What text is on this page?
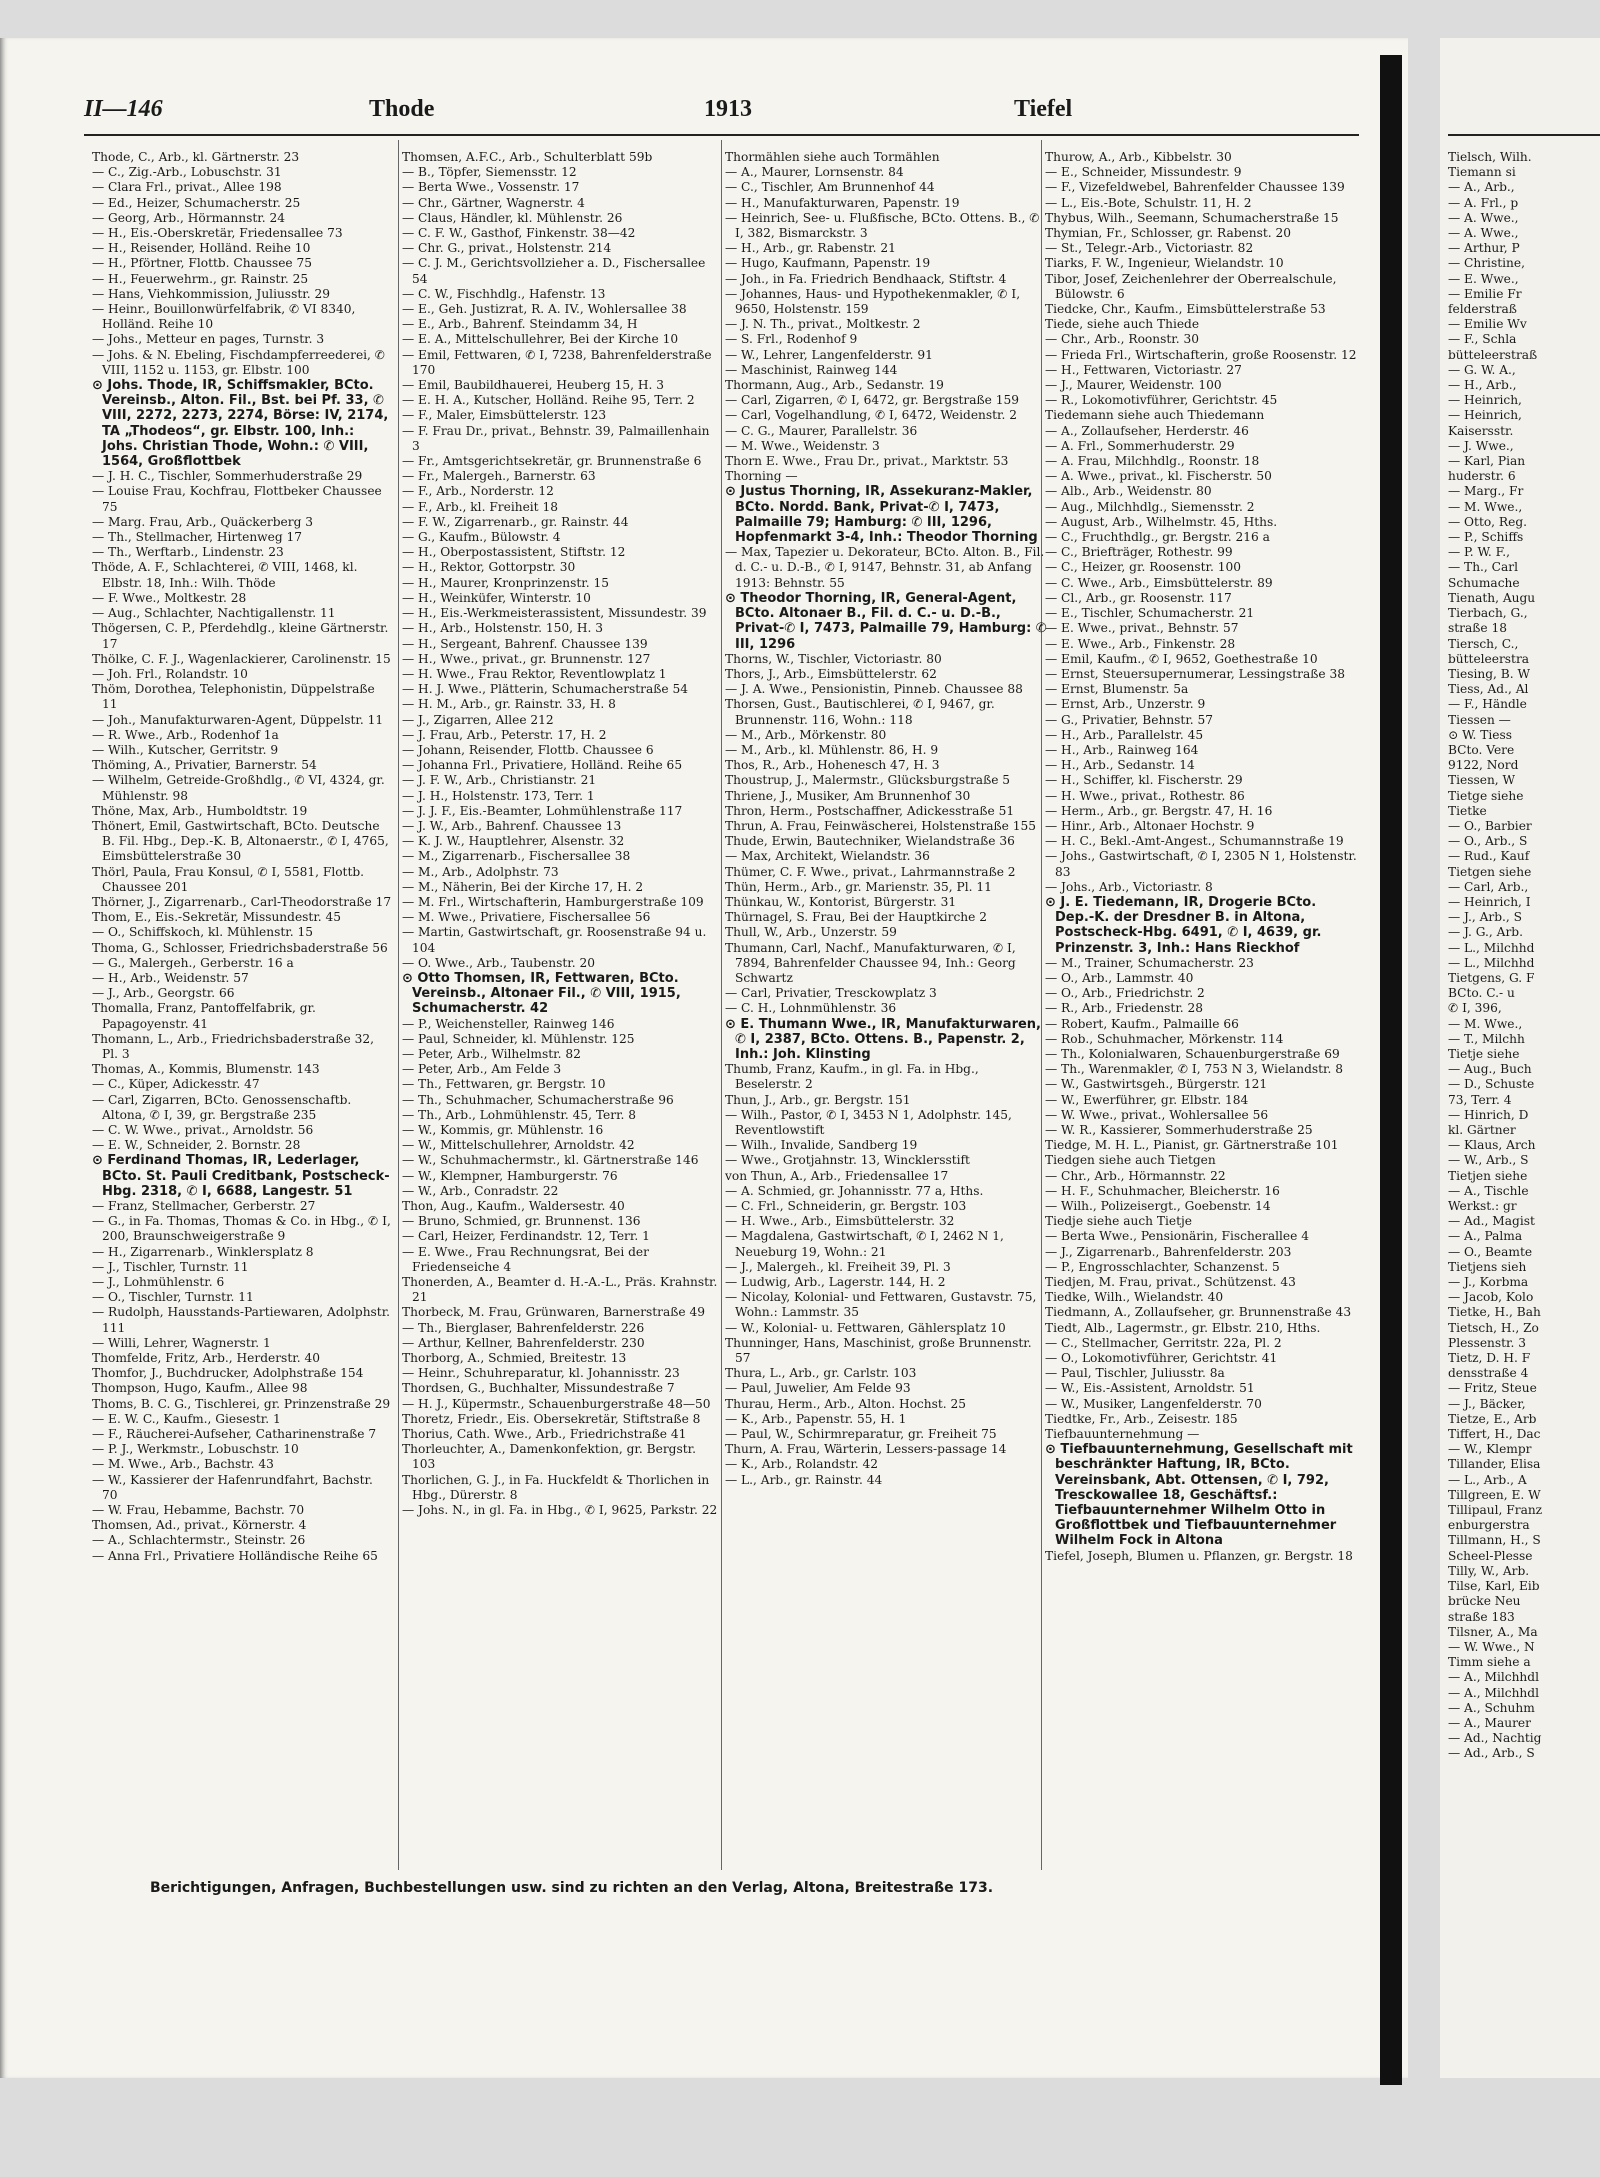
II—146	Thode	1913	Tiefel

Thode, C., Arb., kl. Gärtnerstr. 23

— C., Zig.-Arb., Lobuschstr. 31

— Clara Frl., privat., Allee 198

— Ed., Heizer, Schumacherstr. 25

— Georg, Arb., Hörmannstr. 24

— H., Eis.-Oberskretär, Friedensallee 73

— H., Reisender, Holländ. Reihe 10

— H., Pförtner, Flottb. Chaussee 75

— H., Feuerwehrm., gr. Rainstr. 25

— Hans, Viehkommission, Juliusstr. 29

— Heinr., Bouillonwürfelfabrik, ✆ VI 8340, Holländ. Reihe 10

— Johs., Metteur en pages, Turnstr. 3

— Johs. & N. Ebeling, Fischdampferreederei, ✆ VIII, 1152 u. 1153, gr. Elbstr. 100

⊙ Johs. Thode, IR, Schiffsmakler, BCto. Vereinsb., Alton. Fil., Bst. bei Pf. 33, ✆ VIII, 2272, 2273, 2274, Börse: IV, 2174, TA „Thodeos“, gr. Elbstr. 100, Inh.: Johs. Christian Thode, Wohn.: ✆ VIII, 1564, Großflottbek

— J. H. C., Tischler, Sommerhuderstraße 29

— Louise Frau, Kochfrau, Flottbeker Chaussee 75

— Marg. Frau, Arb., Quäckerberg 3

— Th., Stellmacher, Hirtenweg 17

— Th., Werftarb., Lindenstr. 23

Thöde, A. F., Schlachterei, ✆ VIII, 1468, kl. Elbstr. 18, Inh.: Wilh. Thöde

— F. Wwe., Moltkestr. 28

— Aug., Schlachter, Nachtigallenstr. 11

Thögersen, C. P., Pferdehdlg., kleine Gärtnerstr. 17

Thölke, C. F. J., Wagenlackierer, Carolinenstr. 15

— Joh. Frl., Rolandstr. 10

Thöm, Dorothea, Telephonistin, Düppelstraße 11

— Joh., Manufakturwaren-Agent, Düppelstr. 11

— R. Wwe., Arb., Rodenhof 1a

— Wilh., Kutscher, Gerritstr. 9

Thöming, A., Privatier, Barnerstr. 54

— Wilhelm, Getreide-Großhdlg., ✆ VI, 4324, gr. Mühlenstr. 98

Thöne, Max, Arb., Humboldtstr. 19

Thönert, Emil, Gastwirtschaft, BCto. Deutsche B. Fil. Hbg., Dep.-K. B, Altonaerstr., ✆ I, 4765, Eimsbüttelerstraße 30

Thörl, Paula, Frau Konsul, ✆ I, 5581, Flottb. Chaussee 201

Thörner, J., Zigarrenarb., Carl-Theodorstraße 17

Thom, E., Eis.-Sekretär, Missundestr. 45

— O., Schiffskoch, kl. Mühlenstr. 15

Thoma, G., Schlosser, Friedrichsbaderstraße 56

— G., Malergeh., Gerberstr. 16 a

— H., Arb., Weidenstr. 57

— J., Arb., Georgstr. 66

Thomalla, Franz, Pantoffelfabrik, gr. Papagoyenstr. 41

Thomann, L., Arb., Friedrichsbaderstraße 32, Pl. 3

Thomas, A., Kommis, Blumenstr. 143

— C., Küper, Adickesstr. 47

— Carl, Zigarren, BCto. Genossenschaftb. Altona, ✆ I, 39, gr. Bergstraße 235

— C. W. Wwe., privat., Arnoldstr. 56

— E. W., Schneider, 2. Bornstr. 28

⊙ Ferdinand Thomas, IR, Lederlager, BCto. St. Pauli Creditbank, Postscheck-Hbg. 2318, ✆ I, 6688, Langestr. 51

— Franz, Stellmacher, Gerberstr. 27

— G., in Fa. Thomas, Thomas & Co. in Hbg., ✆ I, 200, Braunschweigerstraße 9

— H., Zigarrenarb., Winklersplatz 8

— J., Tischler, Turnstr. 11

— J., Lohmühlenstr. 6

— O., Tischler, Turnstr. 11

— Rudolph, Hausstands-Partiewaren, Adolphstr. 111

— Willi, Lehrer, Wagnerstr. 1

Thomfelde, Fritz, Arb., Herderstr. 40

Thomfor, J., Buchdrucker, Adolphstraße 154

Thompson, Hugo, Kaufm., Allee 98

Thoms, B. C. G., Tischlerei, gr. Prinzenstraße 29

— E. W. C., Kaufm., Giesestr. 1

— F., Räucherei-Aufseher, Catharinenstraße 7

— P. J., Werkmstr., Lobuschstr. 10

— M. Wwe., Arb., Bachstr. 43

— W., Kassierer der Hafenrundfahrt, Bachstr. 70

— W. Frau, Hebamme, Bachstr. 70

Thomsen, Ad., privat., Körnerstr. 4

— A., Schlachtermstr., Steinstr. 26

— Anna Frl., Privatiere Holländische Reihe 65

Thomsen, A.F.C., Arb., Schulterblatt 59b

— B., Töpfer, Siemensstr. 12

— Berta Wwe., Vossenstr. 17

— Chr., Gärtner, Wagnerstr. 4

— Claus, Händler, kl. Mühlenstr. 26

— C. F. W., Gasthof, Finkenstr. 38—42

— Chr. G., privat., Holstenstr. 214

— C. J. M., Gerichtsvollzieher a. D., Fischersallee 54

— C. W., Fischhdlg., Hafenstr. 13

— E., Geh. Justizrat, R. A. IV., Wohlersallee 38

— E., Arb., Bahrenf. Steindamm 34, H

— E. A., Mittelschullehrer, Bei der Kirche 10

— Emil, Fettwaren, ✆ I, 7238, Bahrenfelderstraße 170

— Emil, Baubildhauerei, Heuberg 15, H. 3

— E. H. A., Kutscher, Holländ. Reihe 95, Terr. 2

— F., Maler, Eimsbüttelerstr. 123

— F. Frau Dr., privat., Behnstr. 39, Palmaillenhain 3

— Fr., Amtsgerichtsekretär, gr. Brunnenstraße 6

— Fr., Malergeh., Barnerstr. 63

— F., Arb., Norderstr. 12

— F., Arb., kl. Freiheit 18

— F. W., Zigarrenarb., gr. Rainstr. 44

— G., Kaufm., Bülowstr. 4

— H., Oberpostassistent, Stiftstr. 12

— H., Rektor, Gottorpstr. 30

— H., Maurer, Kronprinzenstr. 15

— H., Weinküfer, Winterstr. 10

— H., Eis.-Werkmeisterassistent, Missundestr. 39

— H., Arb., Holstenstr. 150, H. 3

— H., Sergeant, Bahrenf. Chaussee 139

— H., Wwe., privat., gr. Brunnenstr. 127

— H. Wwe., Frau Rektor, Reventlowplatz 1

— H. J. Wwe., Plätterin, Schumacherstraße 54

— H. M., Arb., gr. Rainstr. 33, H. 8

— J., Zigarren, Allee 212

— J. Frau, Arb., Peterstr. 17, H. 2

— Johann, Reisender, Flottb. Chaussee 6

— Johanna Frl., Privatiere, Holländ. Reihe 65

— J. F. W., Arb., Christianstr. 21

— J. H., Holstenstr. 173, Terr. 1

— J. J. F., Eis.-Beamter, Lohmühlenstraße 117

— J. W., Arb., Bahrenf. Chaussee 13

— K. J. W., Hauptlehrer, Alsenstr. 32

— M., Zigarrenarb., Fischersallee 38

— M., Arb., Adolphstr. 73

— M., Näherin, Bei der Kirche 17, H. 2

— M. Frl., Wirtschafterin, Hamburgerstraße 109

— M. Wwe., Privatiere, Fischersallee 56

— Martin, Gastwirtschaft, gr. Roosenstraße 94 u. 104

— O. Wwe., Arb., Taubenstr. 20

⊙ Otto Thomsen, IR, Fettwaren, BCto. Vereinsb., Altonaer Fil., ✆ VIII, 1915, Schumacherstr. 42

— P., Weichensteller, Rainweg 146

— Paul, Schneider, kl. Mühlenstr. 125

— Peter, Arb., Wilhelmstr. 82

— Peter, Arb., Am Felde 3

— Th., Fettwaren, gr. Bergstr. 10

— Th., Schuhmacher, Schumacherstraße 96

— Th., Arb., Lohmühlenstr. 45, Terr. 8

— W., Kommis, gr. Mühlenstr. 16

— W., Mittelschullehrer, Arnoldstr. 42

— W., Schuhmachermstr., kl. Gärtnerstraße 146

— W., Klempner, Hamburgerstr. 76

— W., Arb., Conradstr. 22

Thon, Aug., Kaufm., Waldersestr. 40

— Bruno, Schmied, gr. Brunnenst. 136

— Carl, Heizer, Ferdinandstr. 12, Terr. 1

— E. Wwe., Frau Rechnungsrat, Bei der Friedenseiche 4

Thonerden, A., Beamter d. H.-A.-L., Präs. Krahnstr. 21

Thorbeck, M. Frau, Grünwaren, Barnerstraße 49

— Th., Bierglaser, Bahrenfelderstr. 226

— Arthur, Kellner, Bahrenfelderstr. 230

Thorborg, A., Schmied, Breitestr. 13

— Heinr., Schuhreparatur, kl. Johannisstr. 23

Thordsen, G., Buchhalter, Missundestraße 7

— H. J., Küpermstr., Schauenburgerstraße 48—50

Thoretz, Friedr., Eis. Obersekretär, Stiftstraße 8

Thorius, Cath. Wwe., Arb., Friedrichstraße 41

Thorleuchter, A., Damenkonfektion, gr. Bergstr. 103

Thorlichen, G. J., in Fa. Huckfeldt & Thorlichen in Hbg., Dürerstr. 8

— Johs. N., in gl. Fa. in Hbg., ✆ I, 9625, Parkstr. 22

Thormählen siehe auch Tormählen

— A., Maurer, Lornsenstr. 84

— C., Tischler, Am Brunnenhof 44

— H., Manufakturwaren, Papenstr. 19

— Heinrich, See- u. Flußfische, BCto. Ottens. B., ✆ I, 382, Bismarckstr. 3

— H., Arb., gr. Rabenstr. 21

— Hugo, Kaufmann, Papenstr. 19

— Joh., in Fa. Friedrich Bendhaack, Stiftstr. 4

— Johannes, Haus- und Hypothekenmakler, ✆ I, 9650, Holstenstr. 159

— J. N. Th., privat., Moltkestr. 2

— S. Frl., Rodenhof 9

— W., Lehrer, Langenfelderstr. 91

— Maschinist, Rainweg 144

Thormann, Aug., Arb., Sedanstr. 19

— Carl, Zigarren, ✆ I, 6472, gr. Bergstraße 159

— Carl, Vogelhandlung, ✆ I, 6472, Weidenstr. 2

— C. G., Maurer, Parallelstr. 36

— M. Wwe., Weidenstr. 3

Thorn E. Wwe., Frau Dr., privat., Marktstr. 53

Thorning —

⊙ Justus Thorning, IR, Assekuranz-Makler, BCto. Nordd. Bank, Privat-✆ I, 7473, Palmaille 79; Hamburg: ✆ III, 1296, Hopfenmarkt 3-4, Inh.: Theodor Thorning

— Max, Tapezier u. Dekorateur, BCto. Alton. B., Fil. d. C.- u. D.-B., ✆ I, 9147, Behnstr. 31, ab Anfang 1913: Behnstr. 55

⊙ Theodor Thorning, IR, General-Agent, BCto. Altonaer B., Fil. d. C.- u. D.-B., Privat-✆ I, 7473, Palmaille 79, Hamburg: ✆ III, 1296

Thorns, W., Tischler, Victoriastr. 80

Thors, J., Arb., Eimsbüttelerstr. 62

— J. A. Wwe., Pensionistin, Pinneb. Chaussee 88

Thorsen, Gust., Bautischlerei, ✆ I, 9467, gr. Brunnenstr. 116, Wohn.: 118

— M., Arb., Mörkenstr. 80

— M., Arb., kl. Mühlenstr. 86, H. 9

Thos, R., Arb., Hohenesch 47, H. 3

Thoustrup, J., Malermstr., Glücksburgstraße 5

Thriene, J., Musiker, Am Brunnenhof 30

Thron, Herm., Postschaffner, Adickesstraße 51

Thrun, A. Frau, Feinwäscherei, Holstenstraße 155

Thude, Erwin, Bautechniker, Wielandstraße 36

— Max, Architekt, Wielandstr. 36

Thümer, C. F. Wwe., privat., Lahrmannstraße 2

Thün, Herm., Arb., gr. Marienstr. 35, Pl. 11

Thünkau, W., Kontorist, Bürgerstr. 31

Thürnagel, S. Frau, Bei der Hauptkirche 2

Thull, W., Arb., Unzerstr. 59

Thumann, Carl, Nachf., Manufakturwaren, ✆ I, 7894, Bahrenfelder Chaussee 94, Inh.: Georg Schwartz

— Carl, Privatier, Tresckowplatz 3

— C. H., Lohnmühlenstr. 36

⊙ E. Thumann Wwe., IR, Manufakturwaren, ✆ I, 2387, BCto. Ottens. B., Papenstr. 2, Inh.: Joh. Klinsting

Thumb, Franz, Kaufm., in gl. Fa. in Hbg., Beselerstr. 2

Thun, J., Arb., gr. Bergstr. 151

— Wilh., Pastor, ✆ I, 3453 N 1, Adolphstr. 145, Reventlowstift

— Wilh., Invalide, Sandberg 19

— Wwe., Grotjahnstr. 13, Wincklersstift

von Thun, A., Arb., Friedensallee 17

— A. Schmied, gr. Johannisstr. 77 a, Hths.

— C. Frl., Schneiderin, gr. Bergstr. 103

— H. Wwe., Arb., Eimsbüttelerstr. 32

— Magdalena, Gastwirtschaft, ✆ I, 2462 N 1, Neueburg 19, Wohn.: 21

— J., Malergeh., kl. Freiheit 39, Pl. 3

— Ludwig, Arb., Lagerstr. 144, H. 2

— Nicolay, Kolonial- und Fettwaren, Gustavstr. 75, Wohn.: Lammstr. 35

— W., Kolonial- u. Fettwaren, Gählersplatz 10

Thunninger, Hans, Maschinist, große Brunnenstr. 57

Thura, L., Arb., gr. Carlstr. 103

— Paul, Juwelier, Am Felde 93

Thurau, Herm., Arb., Alton. Hochst. 25

— K., Arb., Papenstr. 55, H. 1

— Paul, W., Schirmreparatur, gr. Freiheit 75

Thurn, A. Frau, Wärterin, Lessers-passage 14

— K., Arb., Rolandstr. 42

— L., Arb., gr. Rainstr. 44

Thurow, A., Arb., Kibbelstr. 30

— E., Schneider, Missundestr. 9

— F., Vizefeldwebel, Bahrenfelder Chaussee 139

— L., Eis.-Bote, Schulstr. 11, H. 2

Thybus, Wilh., Seemann, Schumacherstraße 15

Thymian, Fr., Schlosser, gr. Rabenst. 20

— St., Telegr.-Arb., Victoriastr. 82

Tiarks, F. W., Ingenieur, Wielandstr. 10

Tibor, Josef, Zeichenlehrer der Oberrealschule, Bülowstr. 6

Tiedcke, Chr., Kaufm., Eimsbüttelerstraße 53

Tiede, siehe auch Thiede

— Chr., Arb., Roonstr. 30

— Frieda Frl., Wirtschafterin, große Roosenstr. 12

— H., Fettwaren, Victoriastr. 27

— J., Maurer, Weidenstr. 100

— R., Lokomotivführer, Gerichtstr. 45

Tiedemann siehe auch Thiedemann

— A., Zollaufseher, Herderstr. 46

— A. Frl., Sommerhuderstr. 29

— A. Frau, Milchhdlg., Roonstr. 18

— A. Wwe., privat., kl. Fischerstr. 50

— Alb., Arb., Weidenstr. 80

— Aug., Milchhdlg., Siemensstr. 2

— August, Arb., Wilhelmstr. 45, Hths.

— C., Fruchthdlg., gr. Bergstr. 216 a

— C., Briefträger, Rothestr. 99

— C., Heizer, gr. Roosenstr. 100

— C. Wwe., Arb., Eimsbüttelerstr. 89

— Cl., Arb., gr. Roosenstr. 117

— E., Tischler, Schumacherstr. 21

— E. Wwe., privat., Behnstr. 57

— E. Wwe., Arb., Finkenstr. 28

— Emil, Kaufm., ✆ I, 9652, Goethestraße 10

— Ernst, Steuersupernumerar, Lessingstraße 38

— Ernst, Blumenstr. 5a

— Ernst, Arb., Unzerstr. 9

— G., Privatier, Behnstr. 57

— H., Arb., Parallelstr. 45

— H., Arb., Rainweg 164

— H., Arb., Sedanstr. 14

— H., Schiffer, kl. Fischerstr. 29

— H. Wwe., privat., Rothestr. 86

— Herm., Arb., gr. Bergstr. 47, H. 16

— Hinr., Arb., Altonaer Hochstr. 9

— H. C., Bekl.-Amt-Angest., Schumannstraße 19

— Johs., Gastwirtschaft, ✆ I, 2305 N 1, Holstenstr. 83

— Johs., Arb., Victoriastr. 8

⊙ J. E. Tiedemann, IR, Drogerie BCto. Dep.-K. der Dresdner B. in Altona, Postscheck-Hbg. 6491, ✆ I, 4639, gr. Prinzenstr. 3, Inh.: Hans Rieckhof

— M., Trainer, Schumacherstr. 23

— O., Arb., Lammstr. 40

— O., Arb., Friedrichstr. 2

— R., Arb., Friedenstr. 28

— Robert, Kaufm., Palmaille 66

— Rob., Schuhmacher, Mörkenstr. 114

— Th., Kolonialwaren, Schauenburgerstraße 69

— Th., Warenmakler, ✆ I, 753 N 3, Wielandstr. 8

— W., Gastwirtsgeh., Bürgerstr. 121

— W., Ewerführer, gr. Elbstr. 184

— W. Wwe., privat., Wohlersallee 56

— W. R., Kassierer, Sommerhuderstraße 25

Tiedge, M. H. L., Pianist, gr. Gärtnerstraße 101

Tiedgen siehe auch Tietgen

— Chr., Arb., Hörmannstr. 22

— H. F., Schuhmacher, Bleicherstr. 16

— Wilh., Polizeisergt., Goebenstr. 14

Tiedje siehe auch Tietje

— Berta Wwe., Pensionärin, Fischerallee 4

— J., Zigarrenarb., Bahrenfelderstr. 203

— P., Engrosschlachter, Schanzenst. 5

Tiedjen, M. Frau, privat., Schützenst. 43

Tiedke, Wilh., Wielandstr. 40

Tiedmann, A., Zollaufseher, gr. Brunnenstraße 43

Tiedt, Alb., Lagermstr., gr. Elbstr. 210, Hths.

— C., Stellmacher, Gerritstr. 22a, Pl. 2

— O., Lokomotivführer, Gerichtstr. 41

— Paul, Tischler, Juliusstr. 8a

— W., Eis.-Assistent, Arnoldstr. 51

— W., Musiker, Langenfelderstr. 70

Tiedtke, Fr., Arb., Zeisestr. 185

Tiefbauunternehmung —

⊙ Tiefbauunternehmung, Gesellschaft mit beschränkter Haftung, IR, BCto. Vereinsbank, Abt. Ottensen, ✆ I, 792, Tresckowallee 18, Geschäftsf.: Tiefbauunternehmer Wilhelm Otto in Großflottbek und Tiefbauunternehmer Wilhelm Fock in Altona

Tiefel, Joseph, Blumen u. Pflanzen, gr. Bergstr. 18

Berichtigungen, Anfragen, Buchbestellungen usw. sind zu richten an den Verlag, Altona, Breitestraße 173.

Tielsch, Wilh.

Tiemann si

— A., Arb.,

— A. Frl., p

— A. Wwe.,

— A. Wwe.,

— Arthur, P

— Christine,

— E. Wwe.,

— Emilie Fr

felderstraß

— Emilie Wv

— F., Schla

bütteleerstraß

— G. W. A.,

— H., Arb.,

— Heinrich,

— Heinrich,

Kaisersstr.

— J. Wwe.,

— Karl, Pian

huderstr. 6

— Marg., Fr

— M. Wwe.,

— Otto, Reg.

— P., Schiffs

— P. W. F.,

— Th., Carl

Schumache

Tienath, Augu

Tierbach, G.,

straße 18

Tiersch, C.,

bütteleerstra

Tiesing, B. W

Tiess, Ad., Al

— F., Händle

Tiessen —

⊙ W. Tiess

BCto. Vere

9122, Nord

Tiessen, W

Tietge siehe

Tietke

— O., Barbier

— O., Arb., S

— Rud., Kauf

Tietgen siehe

— Carl, Arb.,

— Heinrich, I

— J., Arb., S

— J. G., Arb.

— L., Milchhd

— L., Milchhd

Tietgens, G. F

BCto. C.- u

✆ I, 396,

— M. Wwe.,

— T., Milchh

Tietje siehe

— Aug., Buch

— D., Schuste

73, Terr. 4

— Hinrich, D

kl. Gärtner

— Klaus, Arch

— W., Arb., S

Tietjen siehe

— A., Tischle

Werkst.: gr

— Ad., Magist

— A., Palma

— O., Beamte

Tietjens sieh

— J., Korbma

— Jacob, Kolo

Tietke, H., Bah

Tietsch, H., Zo

Plessenstr. 3

Tietz, D. H. F

densstraße 4

— Fritz, Steue

— J., Bäcker,

Tietze, E., Arb

Tiffert, H., Dac

— W., Klempr

Tillander, Elisa

— L., Arb., A

Tillgreen, E. W

Tillipaul, Franz

enburgerstra

Tillmann, H., S

Scheel-Plesse

Tilly, W., Arb.

Tilse, Karl, Eib

brücke Neu

straße 183

Tilsner, A., Ma

— W. Wwe., N

Timm siehe a

— A., Milchhdl

— A., Milchhdl

— A., Schuhm

— A., Maurer

— Ad., Nachtig

— Ad., Arb., S
